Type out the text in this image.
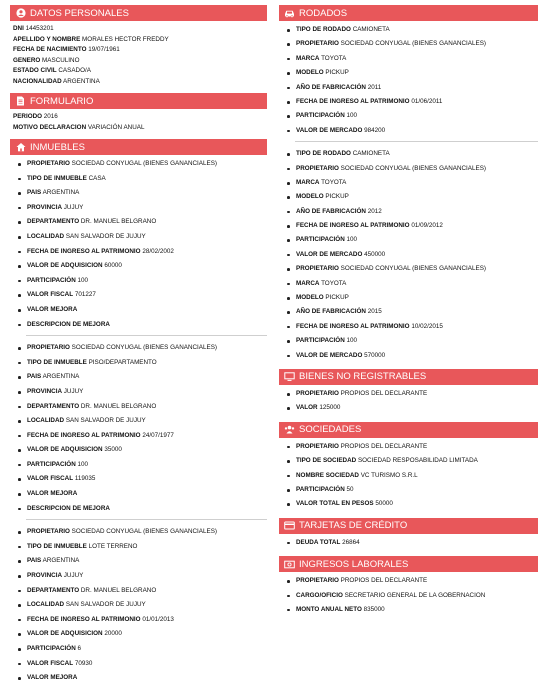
DATOS PERSONALES
DNI 14453201
APELLIDO Y NOMBRE MORALES HECTOR FREDDY
FECHA DE NACIMIENTO 19/07/1961
GENERO MASCULINO
ESTADO CIVIL CASADO/A
NACIONALIDAD ARGENTINA
FORMULARIO
PERIODO 2016
MOTIVO DECLARACION VARIACIÓN ANUAL
INMUEBLES
PROPIETARIO SOCIEDAD CONYUGAL (BIENES GANANCIALES)
TIPO DE INMUEBLE CASA
PAIS ARGENTINA
PROVINCIA JUJUY
DEPARTAMENTO DR. MANUEL BELGRANO
LOCALIDAD SAN SALVADOR DE JUJUY
FECHA DE INGRESO AL PATRIMONIO 28/02/2002
VALOR DE ADQUISICION 60000
PARTICIPACIÓN 100
VALOR FISCAL 701227
VALOR MEJORA
DESCRIPCION DE MEJORA
PROPIETARIO SOCIEDAD CONYUGAL (BIENES GANANCIALES)
TIPO DE INMUEBLE PISO/DEPARTAMENTO
PAIS ARGENTINA
PROVINCIA JUJUY
DEPARTAMENTO DR. MANUEL BELGRANO
LOCALIDAD SAN SALVADOR DE JUJUY
FECHA DE INGRESO AL PATRIMONIO 24/07/1977
VALOR DE ADQUISICION 35000
PARTICIPACIÓN 100
VALOR FISCAL 119035
VALOR MEJORA
DESCRIPCION DE MEJORA
PROPIETARIO SOCIEDAD CONYUGAL (BIENES GANANCIALES)
TIPO DE INMUEBLE LOTE TERRENO
PAIS ARGENTINA
PROVINCIA JUJUY
DEPARTAMENTO DR. MANUEL BELGRANO
LOCALIDAD SAN SALVADOR DE JUJUY
FECHA DE INGRESO AL PATRIMONIO 01/01/2013
VALOR DE ADQUISICION 20000
PARTICIPACIÓN 6
VALOR FISCAL 70930
VALOR MEJORA
RODADOS
TIPO DE RODADO CAMIONETA
PROPIETARIO SOCIEDAD CONYUGAL (BIENES GANANCIALES)
MARCA TOYOTA
MODELO PICKUP
AÑO DE FABRICACIÓN 2011
FECHA DE INGRESO AL PATRIMONIO 01/06/2011
PARTICIPACIÓN 100
VALOR DE MERCADO 984200
TIPO DE RODADO CAMIONETA
PROPIETARIO SOCIEDAD CONYUGAL (BIENES GANANCIALES)
MARCA TOYOTA
MODELO PICKUP
AÑO DE FABRICACIÓN 2012
FECHA DE INGRESO AL PATRIMONIO 01/09/2012
PARTICIPACIÓN 100
VALOR DE MERCADO 450000
PROPIETARIO SOCIEDAD CONYUGAL (BIENES GANANCIALES)
MARCA TOYOTA
MODELO PICKUP
AÑO DE FABRICACIÓN 2015
FECHA DE INGRESO AL PATRIMONIO 10/02/2015
PARTICIPACIÓN 100
VALOR DE MERCADO 570000
BIENES NO REGISTRABLES
PROPIETARIO PROPIOS DEL DECLARANTE
VALOR 125000
SOCIEDADES
PROPIETARIO PROPIOS DEL DECLARANTE
TIPO DE SOCIEDAD SOCIEDAD RESPOSABILIDAD LIMITADA
NOMBRE SOCIEDAD VC TURISMO S.R.L
PARTICIPACIÓN 50
VALOR TOTAL EN PESOS 50000
TARJETAS DE CRÉDITO
DEUDA TOTAL 26864
INGRESOS LABORALES
PROPIETARIO PROPIOS DEL DECLARANTE
CARGO/OFICIO SECRETARIO GENERAL DE LA GOBERNACION
MONTO ANUAL NETO 835000
